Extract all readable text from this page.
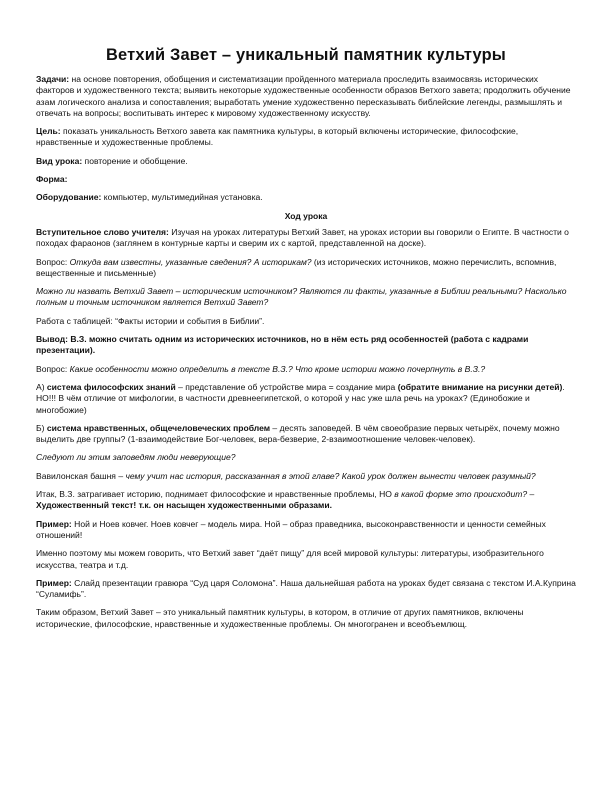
Ветхий Завет – уникальный памятник культуры

Задачи: на основе повторения, обобщения и систематизации пройденного материала проследить взаимосвязь исторических факторов и художественного текста; выявить некоторые художественные особенности образов Ветхого завета; продолжить обучение азам логического анализа и сопоставления; выработать умение художественно пересказывать библейские легенды, размышлять и отвечать на вопросы; воспитывать интерес к мировому художественному искусству.

Цель: показать уникальность Ветхого завета как памятника культуры, в который включены исторические, философские, нравственные и художественные проблемы.

Вид урока: повторение и обобщение.

Форма:

Оборудование: компьютер, мультимедийная установка.

Ход урока

Вступительное слово учителя: Изучая на уроках литературы Ветхий Завет, на уроках истории вы говорили о Египте. В частности о походах фараонов (заглянем в контурные карты и сверим их с картой, представленной на доске).

Вопрос: Откуда вам известны, указанные сведения? А историкам? (из исторических источников, можно перечислить, вспомнив, вещественные и письменные)

Можно ли назвать Ветхий Завет – историческим источником? Являются ли факты, указанные в Библии реальными? Насколько полным и точным источником является Ветхий Завет?

Работа с таблицей: “Факты истории и события в Библии”.

Вывод: В.З. можно считать одним из исторических источников, но в нём есть ряд особенностей (работа с кадрами презентации).

Вопрос: Какие особенности можно определить в тексте В.З.? Что кроме истории можно почерпнуть в В.З.?

А) система философских знаний – представление об устройстве мира = создание мира (обратите внимание на рисунки детей). НО!!! В чём отличие от мифологии, в частности древнеегипетской, о которой у нас уже шла речь на уроках? (Единобожие и многобожие)

Б) система нравственных, общечеловеческих проблем – десять заповедей. В чём своеобразие первых четырёх, почему можно выделить две группы? (1-взаимодействие Бог-человек, вера-безверие, 2-взаимоотношение человек-человек).

Следуют ли этим заповедям люди неверующие?

Вавилонская башня – чему учит нас история, рассказанная в этой главе? Какой урок должен вынести человек разумный?

Итак, В.З. затрагивает историю, поднимает философские и нравственные проблемы, НО в какой форме это происходит? – Художественный текст! т.к. он насыщен художественными образами.

Пример: Ной и Ноев ковчег. Ноев ковчег – модель мира. Ной – образ праведника, высоконравственности и ценности семейных отношений!

Именно поэтому мы можем говорить, что Ветхий завет “даёт пищу” для всей мировой культуры: литературы, изобразительного искусства, театра и т.д.

Пример: Слайд презентации гравюра “Суд царя Соломона”. Наша дальнейшая работа на уроках будет связана с текстом И.А.Куприна “Суламифь”.

Таким образом, Ветхий Завет – это уникальный памятник культуры, в котором, в отличие от других памятников, включены исторические, философские, нравственные и художественные проблемы. Он многогранен и всеобъемлющ.
